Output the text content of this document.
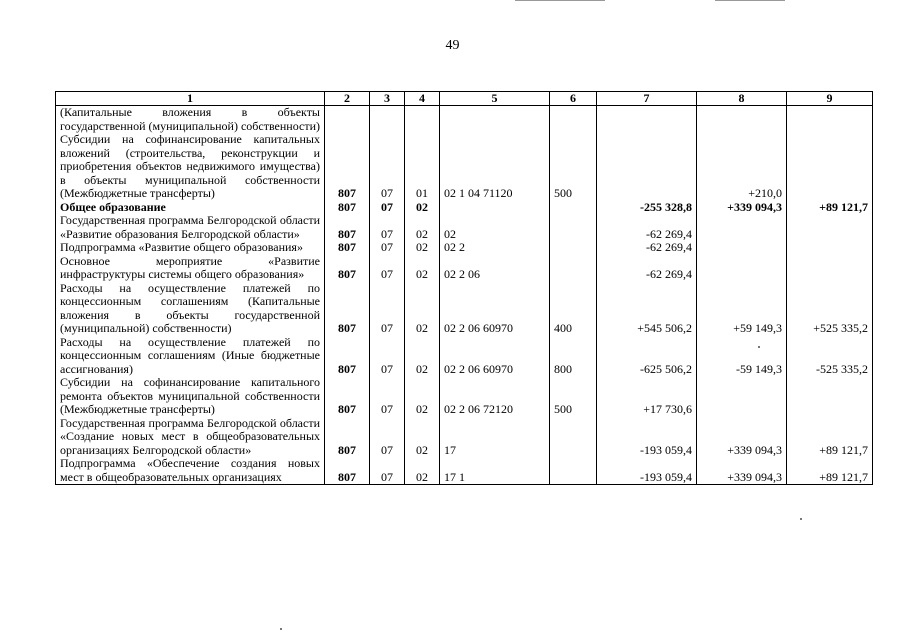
49
1	2	3	4	5	6	7	8	9
(Капитальные вложения в объекты государственной (муниципальной) собственности)								
Субсидии на софинансирование капитальных вложений (строительства, реконструкции и приобретения объектов недвижимого имущества) в объекты муниципальной собственности (Межбюджетные трансферты)	807	07	01	02 1 04 71120	500		+210,0	
Общее образование	807	07	02			-255 328,8	+339 094,3	+89 121,7
Государственная программа Белгородской области «Развитие образования Белгородской области»	807	07	02	02		-62 269,4		
Подпрограмма «Развитие общего образования»	807	07	02	02 2		-62 269,4		
Основное мероприятие «Развитие инфраструктуры системы общего образования»	807	07	02	02 2 06		-62 269,4		
Расходы на осуществление платежей по концессионным соглашениям (Капитальные вложения в объекты государственной (муниципальной) собственности)	807	07	02	02 2 06 60970	400	+545 506,2	+59 149,3	+525 335,2
Расходы на осуществление платежей по концессионным соглашениям (Иные бюджетные ассигнования)	807	07	02	02 2 06 60970	800	-625 506,2	-59 149,3	-525 335,2
Субсидии на софинансирование капитального ремонта объектов муниципальной собственности (Межбюджетные трансферты)	807	07	02	02 2 06 72120	500	+17 730,6		
Государственная программа Белгородской области «Создание новых мест в общеобразовательных организациях Белгородской области»	807	07	02	17		-193 059,4	+339 094,3	+89 121,7
Подпрограмма «Обеспечение создания новых мест в общеобразовательных организациях	807	07	02	17 1		-193 059,4	+339 094,3	+89 121,7
